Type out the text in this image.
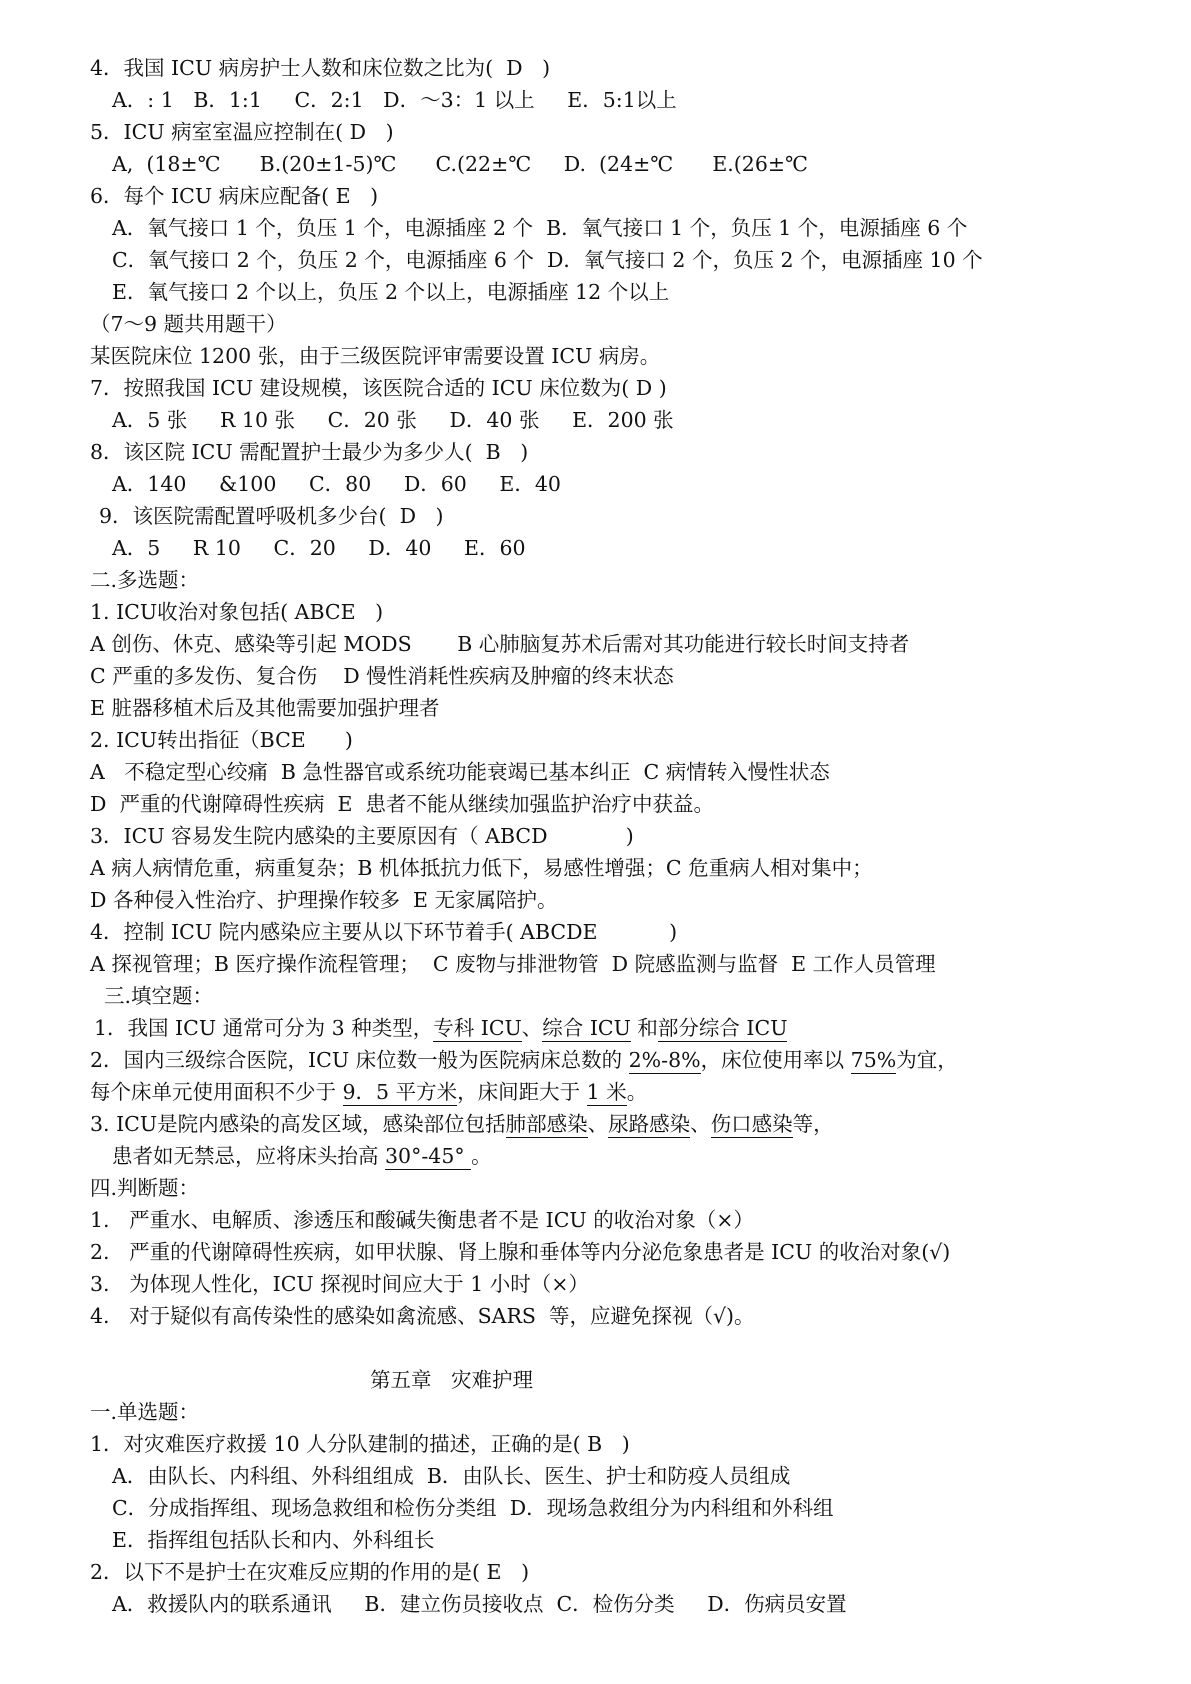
4．我国 ICU 病房护士人数和床位数之比为(  D   )
A．: 1   B．1:1     C．2:1   D．～3：1 以上     E．5:1以上
5．ICU 病室室温应控制在( D   )
A,  (18±℃      B.(20±1-5)℃      C.(22±℃     D.  (24±℃      E.(26±℃
6．每个 ICU 病床应配备( E   )
A．氧气接口 1 个，负压 1 个，电源插座 2 个  B．氧气接口 1 个，负压 1 个，电源插座 6 个
C．氧气接口 2 个，负压 2 个，电源插座 6 个  D．氧气接口 2 个，负压 2 个，电源插座 10 个
E．氧气接口 2 个以上，负压 2 个以上，电源插座 12 个以上
（7～9 题共用题干）
某医院床位 1200 张，由于三级医院评审需要设置 ICU 病房。
7．按照我国 ICU 建设规模，该医院合适的 ICU 床位数为( D )
A．5 张     R 10 张     C．20 张     D．40 张     E．200 张
8．该区院 ICU 需配置护士最少为多少人(  B   )
A．140     &100     C．80     D．60     E．40
9．该医院需配置呼吸机多少台(  D   )
A．5     R 10     C．20     D．40     E．60
二.多选题：
1. ICU收治对象包括( ABCE   )
A 创伤、休克、感染等引起 MODS       B 心肺脑复苏术后需对其功能进行较长时间支持者
C 严重的多发伤、复合伤    D 慢性消耗性疾病及肿瘤的终末状态
E 脏器移植术后及其他需要加强护理者
2. ICU转出指征（BCE      )
A   不稳定型心绞痛  B 急性器官或系统功能衰竭已基本纠正  C 病情转入慢性状态
D  严重的代谢障碍性疾病  E  患者不能从继续加强监护治疗中获益。
3．ICU 容易发生院内感染的主要原因有（ ABCD            )
A 病人病情危重，病重复杂；B 机体抵抗力低下，易感性增强；C 危重病人相对集中；
D 各种侵入性治疗、护理操作较多  E 无家属陪护。
4．控制 ICU 院内感染应主要从以下环节着手( ABCDE           )
A 探视管理；B 医疗操作流程管理；  C 废物与排泄物管  D 院感监测与监督  E 工作人员管理
三.填空题：
1．我国 ICU 通常可分为 3 种类型，专科 ICU、综合 ICU 和部分综合 ICU
2．国内三级综合医院，ICU 床位数一般为医院病床总数的 2%-8%，床位使用率以 75%为宜，
每个床单元使用面积不少于 9．5 平方米，床间距大于 1 米。
3. ICU是院内感染的高发区域，感染部位包括肺部感染、尿路感染、伤口感染等，
患者如无禁忌，应将床头抬高 30°-45° 。
四.判断题：
1.   严重水、电解质、渗透压和酸碱失衡患者不是 ICU 的收治对象（×）
2.   严重的代谢障碍性疾病，如甲状腺、肾上腺和垂体等内分泌危象患者是 ICU 的收治对象(√)
3.   为体现人性化，ICU 探视时间应大于 1 小时（×）
4.   对于疑似有高传染性的感染如禽流感、SARS  等，应避免探视（√)。
第五章   灾难护理
一.单选题：
1．对灾难医疗救援 10 人分队建制的描述，正确的是( B   )
A．由队长、内科组、外科组组成  B．由队长、医生、护士和防疫人员组成
C．分成指挥组、现场急救组和检伤分类组  D．现场急救组分为内科组和外科组
E．指挥组包括队长和内、外科组长
2．以下不是护士在灾难反应期的作用的是( E   )
A．救援队内的联系通讯     B．建立伤员接收点  C．检伤分类     D．伤病员安置
